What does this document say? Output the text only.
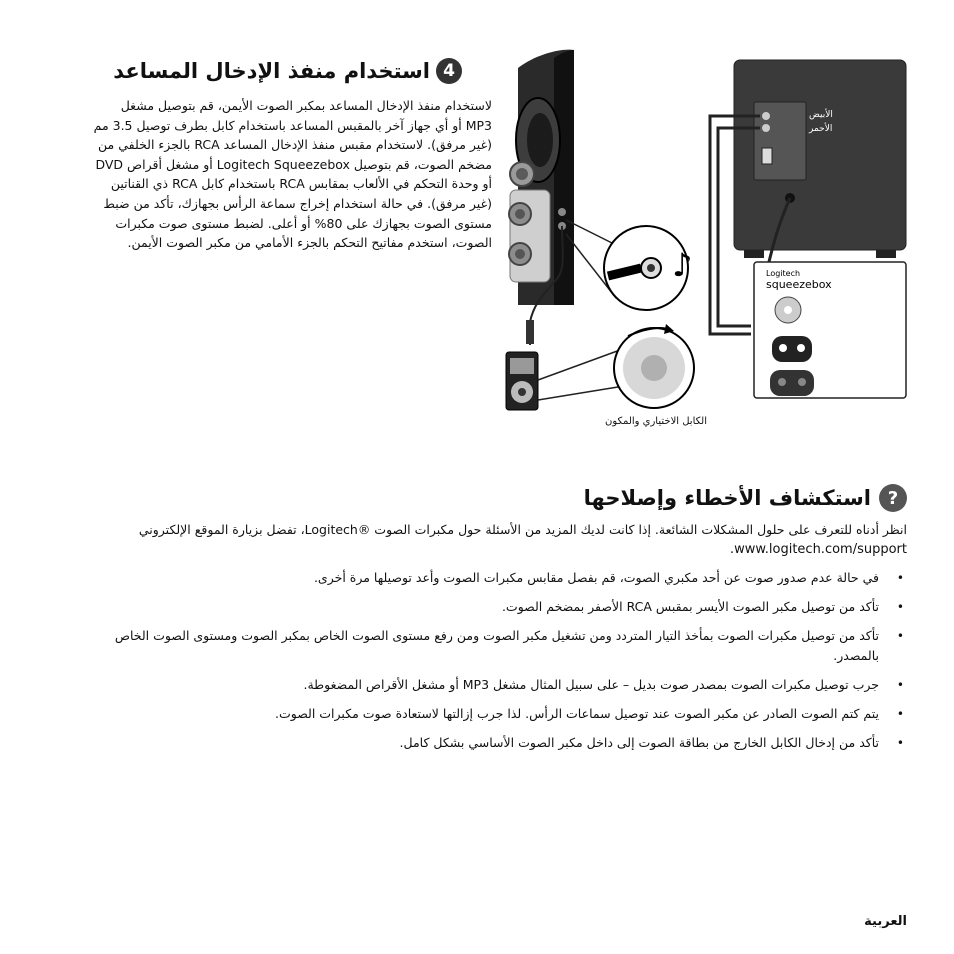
4
استخدام منفذ الإدخال المساعد

لاستخدام منفذ الإدخال المساعد بمكبر الصوت الأيمن، قم بتوصيل مشغل MP3 أو أي جهاز آخر بالمقبس المساعد باستخدام كابل بطرف توصيل 3.5 مم (غير مرفق). لاستخدام مقبس منفذ الإدخال المساعد RCA بالجزء الخلفي من مضخم الصوت، قم بتوصيل Logitech Squeezebox أو مشغل أقراص DVD أو وحدة التحكم في الألعاب بمقابس RCA باستخدام كابل RCA ذي القناتين (غير مرفق). في حالة استخدام إخراج سماعة الرأس بجهازك، تأكد من ضبط مستوى الصوت بجهازك على 80% أو أعلى. لضبط مستوى صوت مكبرات الصوت، استخدم مفاتيح التحكم بالجزء الأمامي من مكبر الصوت الأيمن.

♪
الأبيض
الأحمر
Logitech
squeezebox
الكابل الاختياري والمكون
?
استكشاف الأخطاء وإصلاحها

انظر أدناه للتعرف على حلول المشكلات الشائعة. إذا كانت لديك المزيد من الأسئلة حول مكبرات الصوت ®Logitech، تفضل بزيارة الموقع الإلكتروني
www.logitech.com/support.

•
في حالة عدم صدور صوت عن أحد مكبري الصوت، قم بفصل مقابس مكبرات الصوت وأعد توصيلها مرة أخرى.
•
تأكد من توصيل مكبر الصوت الأيسر بمقبس RCA الأصفر بمضخم الصوت.
•
تأكد من توصيل مكبرات الصوت بمأخذ التيار المتردد ومن تشغيل مكبر الصوت ومن رفع مستوى الصوت الخاص بمكبر الصوت ومستوى الصوت الخاص بالمصدر.
•
جرب توصيل مكبرات الصوت بمصدر صوت بديل – على سبيل المثال مشغل MP3 أو مشغل الأقراص المضغوطة.
•
يتم كتم الصوت الصادر عن مكبر الصوت عند توصيل سماعات الرأس. لذا جرب إزالتها لاستعادة صوت مكبرات الصوت.
•
تأكد من إدخال الكابل الخارج من بطاقة الصوت إلى داخل مكبر الصوت الأساسي بشكل كامل.
العربية
